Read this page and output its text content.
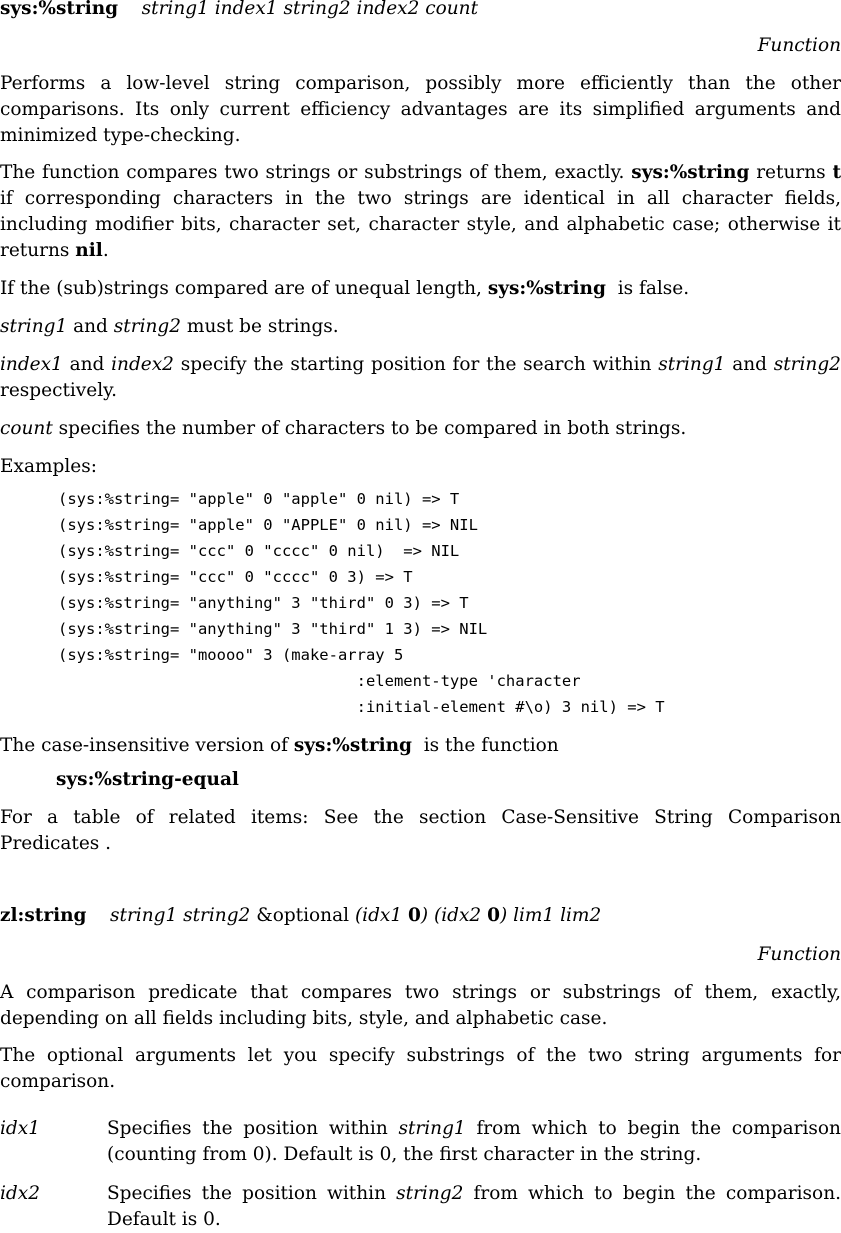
sys:%string string1 index1 string2 index2 count
Function
Performs a low-level string comparison, possibly more efficiently than the other comparisons. Its only current efficiency advantages are its simplified arguments and minimized type-checking.
The function compares two strings or substrings of them, exactly. sys:%string returns t if corresponding characters in the two strings are identical in all character fields, including modifier bits, character set, character style, and alphabetic case; otherwise it returns nil.
If the (sub)strings compared are of unequal length, sys:%string is false.
string1 and string2 must be strings.
index1 and index2 specify the starting position for the search within string1 and string2 respectively.
count specifies the number of characters to be compared in both strings.
Examples:
(sys:%string= "apple" 0 "apple" 0 nil) => T
(sys:%string= "apple" 0 "APPLE" 0 nil) => NIL
(sys:%string= "ccc" 0 "cccc" 0 nil)  => NIL
(sys:%string= "ccc" 0 "cccc" 0 3) => T
(sys:%string= "anything" 3 "third" 0 3) => T
(sys:%string= "anything" 3 "third" 1 3) => NIL
(sys:%string= "moooo" 3 (make-array 5
:element-type 'character
:initial-element #\o) 3 nil) => T
The case-insensitive version of sys:%string is the function
sys:%string-equal
For a table of related items: See the section Case-Sensitive String Comparison Predicates .
zl:string string1 string2 &optional (idx1 0) (idx2 0) lim1 lim2
Function
A comparison predicate that compares two strings or substrings of them, exactly, depending on all fields including bits, style, and alphabetic case.
The optional arguments let you specify substrings of the two string arguments for comparison.
idx1	Specifies the position within string1 from which to begin the comparison (counting from 0). Default is 0, the first character in the string.
idx2	Specifies the position within string2 from which to begin the comparison. Default is 0.
